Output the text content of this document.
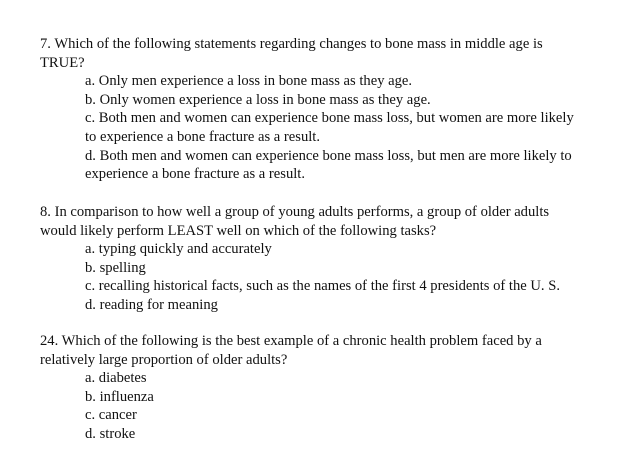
7. Which of the following statements regarding changes to bone mass in middle age is TRUE?

a. Only men experience a loss in bone mass as they age.
b. Only women experience a loss in bone mass as they age.
c. Both men and women can experience bone mass loss, but women are more likely to experience a bone fracture as a result.
d. Both men and women can experience bone mass loss, but men are more likely to experience a bone fracture as a result.

8. In comparison to how well a group of young adults performs, a group of older adults would likely perform LEAST well on which of the following tasks?

a. typing quickly and accurately
b. spelling
c. recalling historical facts, such as the names of the first 4 presidents of the U. S.
d. reading for meaning

24. Which of the following is the best example of a chronic health problem faced by a relatively large proportion of older adults?

a. diabetes
b. influenza
c. cancer
d. stroke
